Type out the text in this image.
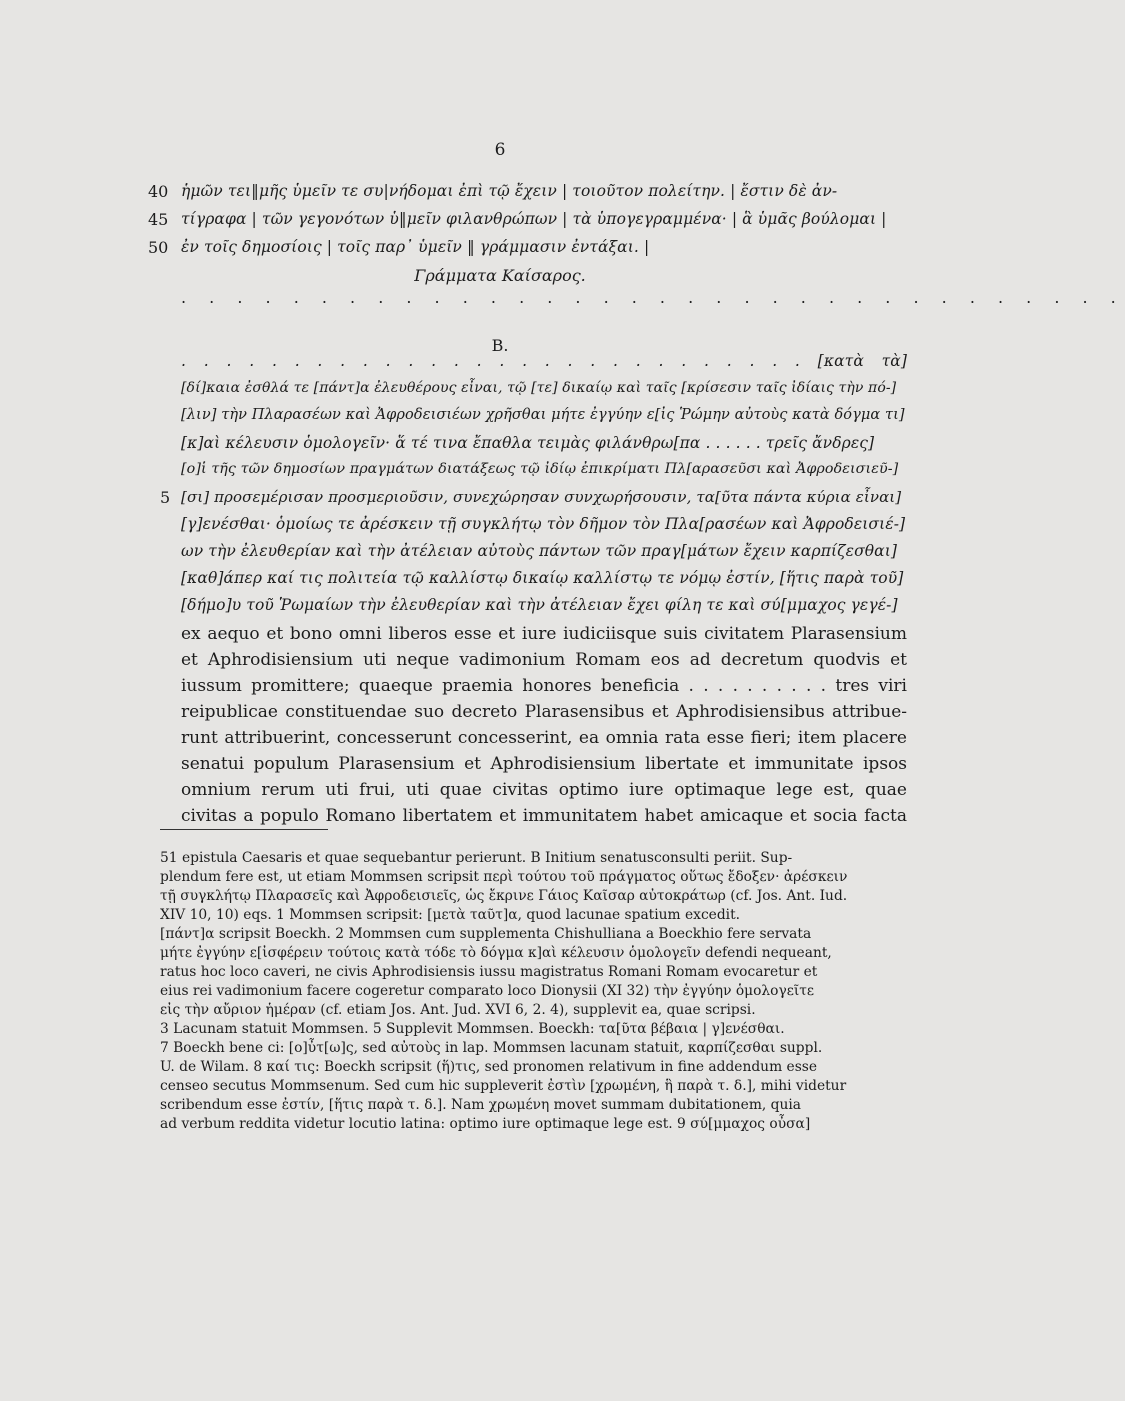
6
40 ἡμῶν τει‖μῆς ὑμεῖν τε συ|νήδομαι ἐπὶ τῷ ἔχειν | τοιοῦτον πολείτην. | ἔστιν δὲ ἀν-
45 τίγραφα | τῶν γεγονότων ὑ‖μεῖν φιλανθρώπων | τὰ ὑπογεγραμμένα· | ἃ ὑμᾶς βούλομαι |
50 ἐν τοῖς δημοσίοις | τοῖς παρ᾽ ὑμεῖν ‖ γράμμασιν ἐντάξαι. |
Γράμματα Καίσαρος.
. . . . . . . . . . . . . . . . . . . . . . . . . . . . . . . . . .
B.
. . . . . . . . . . . . . . . . . . . . . . . . . . . . [κατὰ τὰ]
[δί]καια ἐσθλά τε [πάντ]α ἐλευθέρους εἶναι, τῷ [τε] δικαίῳ καὶ ταῖς [κρίσεσιν ταῖς ἰδίαις τὴν πό-]
[λιν] τὴν Πλαρασέων καὶ Ἀφροδεισιέων χρῆσθαι μήτε ἐγγύην ε[ἰς Ῥώμην αὐτοὺς κατὰ δόγμα τι]
[κ]αὶ κέλευσιν ὁμολογεῖν· ἅ τέ τινα ἔπαθλα τειμὰς φιλάνθρω[πα . . . . . . τρεῖς ἄνδρες]
[ο]ἱ τῆς τῶν δημοσίων πραγμάτων διατάξεως τῷ ἰδίῳ ἐπικρίματι Πλ[αρασεῦσι καὶ Ἀφροδεισιεῦ-]
5 [σι] προσεμέρισαν προσμεριοῦσιν, συνεχώρησαν συνχωρήσουσιν, τα[ῦτα πάντα κύρια εἶναι]
[γ]ενέσθαι· ὁμοίως τε ἀρέσκειν τῇ συγκλήτῳ τὸν δῆμον τὸν Πλα[ρασέων καὶ Ἀφροδεισιέ-]
ων τὴν ἐλευθερίαν καὶ τὴν ἀτέλειαν αὐτοὺς πάντων τῶν πραγ[μάτων ἔχειν καρπίζεσθαι]
[καθ]άπερ καί τις πολιτεία τῷ καλλίστῳ δικαίῳ καλλίστῳ τε νόμῳ ἐστίν, [ἥτις παρὰ τοῦ]
[δήμο]υ τοῦ Ῥωμαίων τὴν ἐλευθερίαν καὶ τὴν ἀτέλειαν ἔχει φίλη τε καὶ σύ[μμαχος γεγέ-]
ex aequo et bono omni liberos esse et iure iudiciisque suis civitatem Plarasensium
et Aphrodisiensium uti neque vadimonium Romam eos ad decretum quodvis et
iussum promittere; quaeque praemia honores beneficia . . . . . . . . . . tres viri
reipublicae constituendae suo decreto Plarasensibus et Aphrodisiensibus attribue-
runt attribuerint, concesserunt concesserint, ea omnia rata esse fieri; item placere
senatui populum Plarasensium et Aphrodisiensium libertate et immunitate ipsos
omnium rerum uti frui, uti quae civitas optimo iure optimaque lege est, quae
civitas a populo Romano libertatem et immunitatem habet amicaque et socia facta
51 epistula Caesaris et quae sequebantur perierunt. B Initium senatusconsulti periit. Sup-
plendum fere est, ut etiam Mommsen scripsit περὶ τούτου τοῦ πράγματος οὕτως ἔδοξεν· ἀρέσκειν
τῇ συγκλήτῳ Πλαρασεῖς καὶ Ἀφροδεισιεῖς, ὡς ἔκρινε Γάιος Καῖσαρ αὐτοκράτωρ (cf. Jos. Ant. Iud.
XIV 10, 10) eqs. 1 Mommsen scripsit: [μετὰ ταῦτ]α, quod lacunae spatium excedit.
[πάντ]α scripsit Boeckh. 2 Mommsen cum supplementa Chishulliana a Boeckhio fere servata
μήτε ἐγγύην ε[ἰσφέρειν τούτοις κατὰ τόδε τὸ δόγμα κ]αὶ κέλευσιν ὁμολογεῖν defendi nequeant,
ratus hoc loco caveri, ne civis Aphrodisiensis iussu magistratus Romani Romam evocaretur et
eius rei vadimonium facere cogeretur comparato loco Dionysii (XI 32) τὴν ἐγγύην ὁμολογεῖτε
εἰς τὴν αὔριον ἡμέραν (cf. etiam Jos. Ant. Jud. XVI 6, 2. 4), supplevit ea, quae scripsi.
3 Lacunam statuit Mommsen. 5 Supplevit Mommsen. Boeckh: τα[ῦτα βέβαια | γ]ενέσθαι.
7 Boeckh bene ci: [ο]ὖτ[ω]ς, sed αὐτοὺς in lap. Mommsen lacunam statuit, καρπίζεσθαι suppl.
U. de Wilam. 8 καί τις: Boeckh scripsit (ἥ)τις, sed pronomen relativum in fine addendum esse
censeo secutus Mommsenum. Sed cum hic suppleverit ἐστὶν [χρωμένη, ἣ παρὰ τ. δ.], mihi videtur
scribendum esse ἐστίν, [ἥτις παρὰ τ. δ.]. Nam χρωμένη movet summam dubitationem, quia
ad verbum reddita videtur locutio latina: optimo iure optimaque lege est. 9 σύ[μμαχος οὖσα]
